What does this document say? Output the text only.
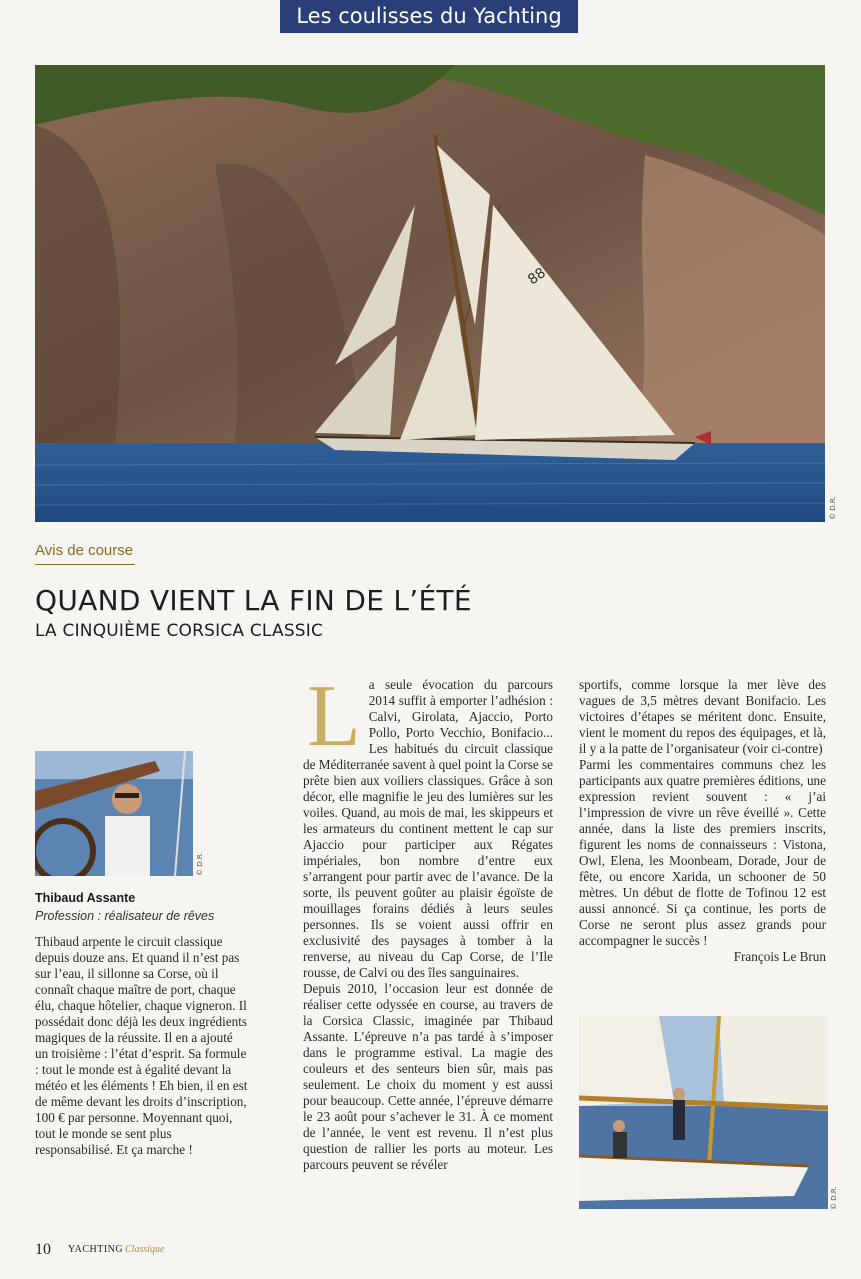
Les coulisses du Yachting
88
© D.R.
Avis de course
QUAND VIENT LA FIN DE L’ÉTÉ
LA CINQUIÈME CORSICA CLASSIC
© D.R.
Thibaud Assante
Profession : réalisateur de rêves

Thibaud arpente le circuit classique depuis douze ans. Et quand il n’est pas sur l’eau, il sillonne sa Corse, où il connaît chaque maître de port, chaque élu, chaque hôtelier, chaque vigneron. Il possédait donc déjà les deux ingrédients magiques de la réussite. Il en a ajouté un troisième : l’état d’esprit. Sa formule : tout le monde est à égalité devant la météo et les éléments ! Eh bien, il en est de même devant les droits d’inscription, 100 € par personne. Moyennant quoi, tout le monde se sent plus responsabilisé. Et ça marche !

L a seule évocation du parcours 2014 suffit à emporter l’adhésion : Calvi, Girolata, Ajaccio, Porto Pollo, Porto Vecchio, Bonifacio... Les habitués du circuit classique de Méditerranée savent à quel point la Corse se prête bien aux voiliers classiques. Grâce à son décor, elle magnifie le jeu des lumières sur les voiles. Quand, au mois de mai, les skippeurs et les armateurs du continent mettent le cap sur Ajaccio pour participer aux Régates impériales, bon nombre d’entre eux s’arrangent pour partir avec de l’avance. De la sorte, ils peuvent goûter au plaisir égoïste de mouillages forains dédiés à leurs seules personnes. Ils se voient aussi offrir en exclusivité des paysages à tomber à la renverse, au niveau du Cap Corse, de l’Ile rousse, de Calvi ou des îles sanguinaires.

Depuis 2010, l’occasion leur est donnée de réaliser cette odyssée en course, au travers de la Corsica Classic, imaginée par Thibaud Assante. L’épreuve n’a pas tardé à s’imposer dans le programme estival. La magie des couleurs et des senteurs bien sûr, mais pas seulement. Le choix du moment y est aussi pour beaucoup. Cette année, l’épreuve démarre le 23 août pour s’achever le 31. À ce moment de l’année, le vent est revenu. Il n’est plus question de rallier les ports au moteur. Les parcours peuvent se révéler

sportifs, comme lorsque la mer lève des vagues de 3,5 mètres devant Bonifacio. Les victoires d’étapes se méritent donc. Ensuite, vient le moment du repos des équipages, et là, il y a la patte de l’organisateur (voir ci-contre)

Parmi les commentaires communs chez les participants aux quatre premières éditions, une expression revient souvent : « j’ai l’impression de vivre un rêve éveillé ». Cette année, dans la liste des premiers inscrits, figurent les noms de connaisseurs : Vistona, Owl, Elena, les Moonbeam, Dorade, Jour de fête, ou encore Xarida, un schooner de 50 mètres. Un début de flotte de Tofinou 12 est aussi annoncé. Si ça continue, les ports de Corse ne seront plus assez grands pour accompagner le succès !

François Le Brun

© D.R.
10 YACHTING Classique
